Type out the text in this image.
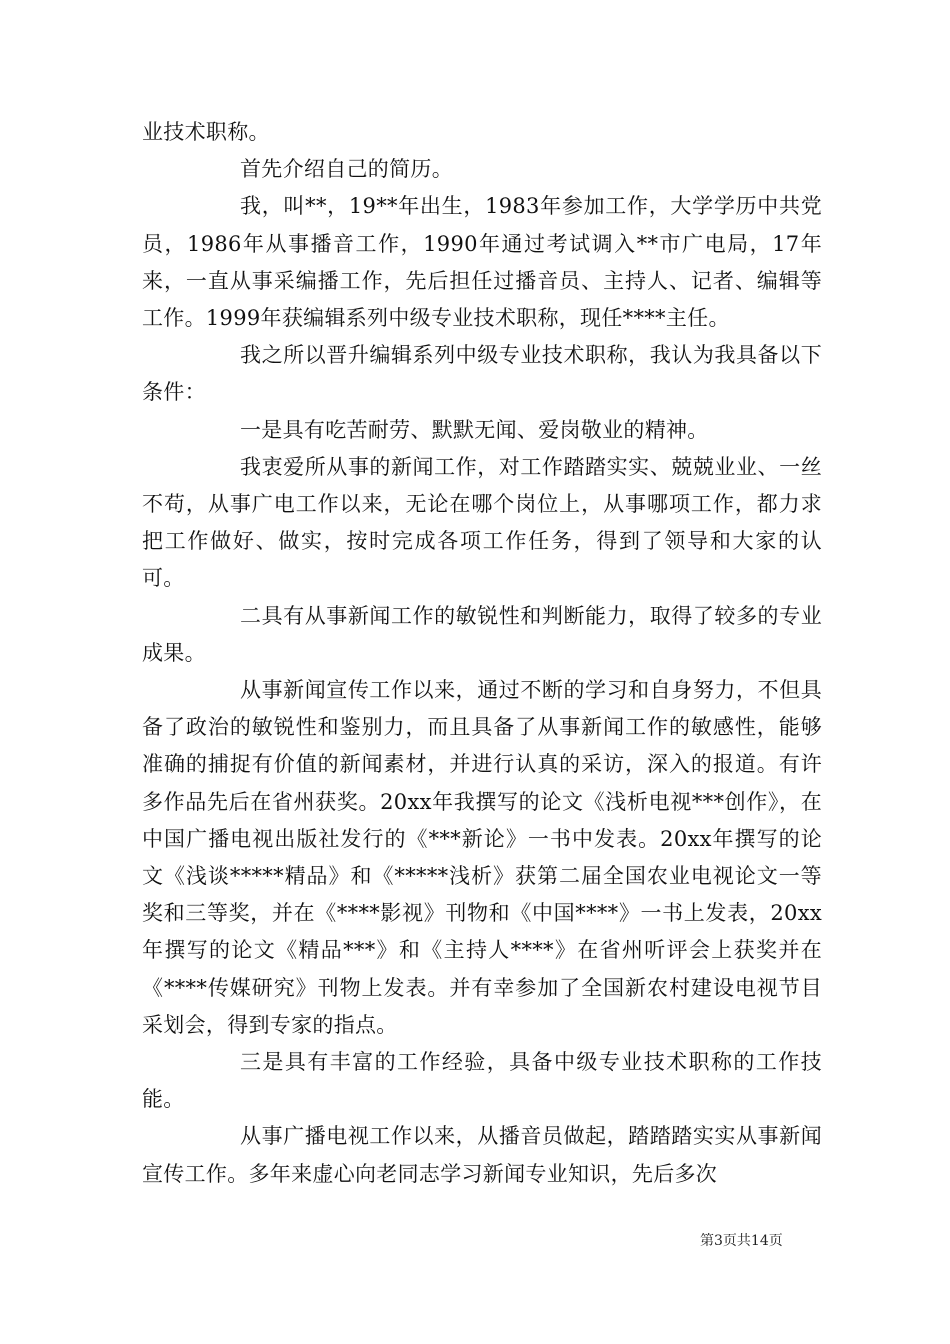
业技术职称。

首先介绍自己的简历。

我，叫**，19**年出生，1983年参加工作，大学学历中共党员，1986年从事播音工作，1990年通过考试调入**市广电局，17年来，一直从事采编播工作，先后担任过播音员、主持人、记者、编辑等工作。1999年获编辑系列中级专业技术职称，现任****主任。

我之所以晋升编辑系列中级专业技术职称，我认为我具备以下条件：

一是具有吃苦耐劳、默默无闻、爱岗敬业的精神。

我衷爱所从事的新闻工作，对工作踏踏实实、兢兢业业、一丝不苟，从事广电工作以来，无论在哪个岗位上，从事哪项工作，都力求把工作做好、做实，按时完成各项工作任务，得到了领导和大家的认可。

二具有从事新闻工作的敏锐性和判断能力，取得了较多的专业成果。

从事新闻宣传工作以来，通过不断的学习和自身努力，不但具备了政治的敏锐性和鉴别力，而且具备了从事新闻工作的敏感性，能够准确的捕捉有价值的新闻素材，并进行认真的采访，深入的报道。有许多作品先后在省州获奖。20xx年我撰写的论文《浅析电视***创作》，在中国广播电视出版社发行的《***新论》一书中发表。20xx年撰写的论文《浅谈*****精品》和《*****浅析》获第二届全国农业电视论文一等奖和三等奖，并在《****影视》刊物和《中国****》一书上发表，20xx年撰写的论文《精品***》和《主持人****》在省州听评会上获奖并在《****传媒研究》刊物上发表。并有幸参加了全国新农村建设电视节目采划会，得到专家的指点。

三是具有丰富的工作经验，具备中级专业技术职称的工作技能。

从事广播电视工作以来，从播音员做起，踏踏踏实实从事新闻宣传工作。多年来虚心向老同志学习新闻专业知识，先后多次

第3页共14页
